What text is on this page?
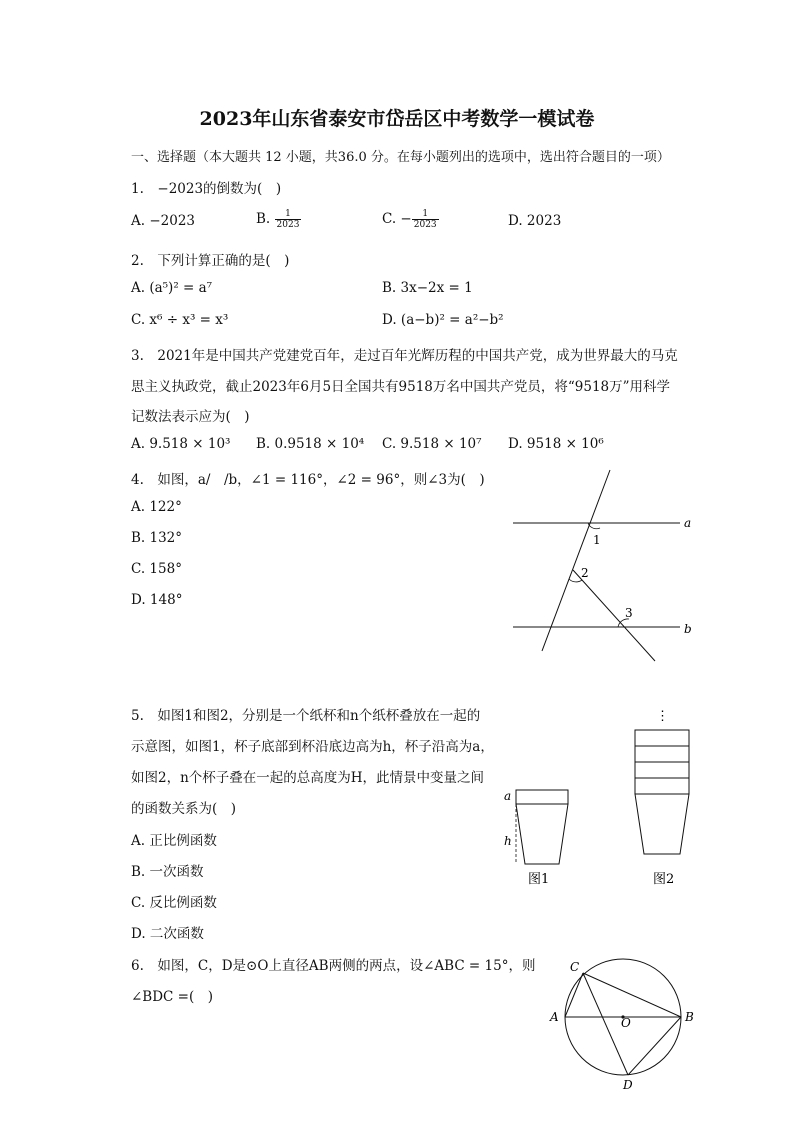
2023年山东省泰安市岱岳区中考数学一模试卷
一、选择题（本大题共 12 小题，共36.0 分。在每小题列出的选项中，选出符合题目的一项）
1.　−2023的倒数为(　)
A. −2023	B. $\frac{1}{2023}$	C. − $\frac{1}{2023}$	D. 2023
2.　下列计算正确的是(　)
A. (a⁵)² = a⁷	B. 3x−2x = 1
C. x⁶ ÷ x³ = x³	D. (a−b)² = a²−b²
3.　2021年是中国共产党建党百年，走过百年光辉历程的中国共产党，成为世界最大的马克
思主义执政党，截止2023年6月5日全国共有9518万名中国共产党员，将“9518万”用科学
记数法表示应为(　)
A. 9.518 × 10³ B. 0.9518 × 10⁴ C. 9.518 × 10⁷ D. 9518 × 10⁶
4.　如图，a/　/b，∠1 = 116°，∠2 = 96°，则∠3为(　)
A. 122°
B. 132°
C. 158°
D. 148°
a
b
1
2
3
5.　如图1和图2，分别是一个纸杯和n个纸杯叠放在一起的
示意图，如图1，杯子底部到杯沿底边高为h，杯子沿高为a，
如图2，n个杯子叠在一起的总高度为H，此情景中变量之间
的函数关系为(　)
A. 正比例函数
B. 一次函数
C. 反比例函数
D. 二次函数
a
h
图1
⋮
图2
6.　如图，C，D是⊙O上直径AB两侧的两点，设∠ABC = 15°，则
∠BDC =(　)
C
A	B
O
D
